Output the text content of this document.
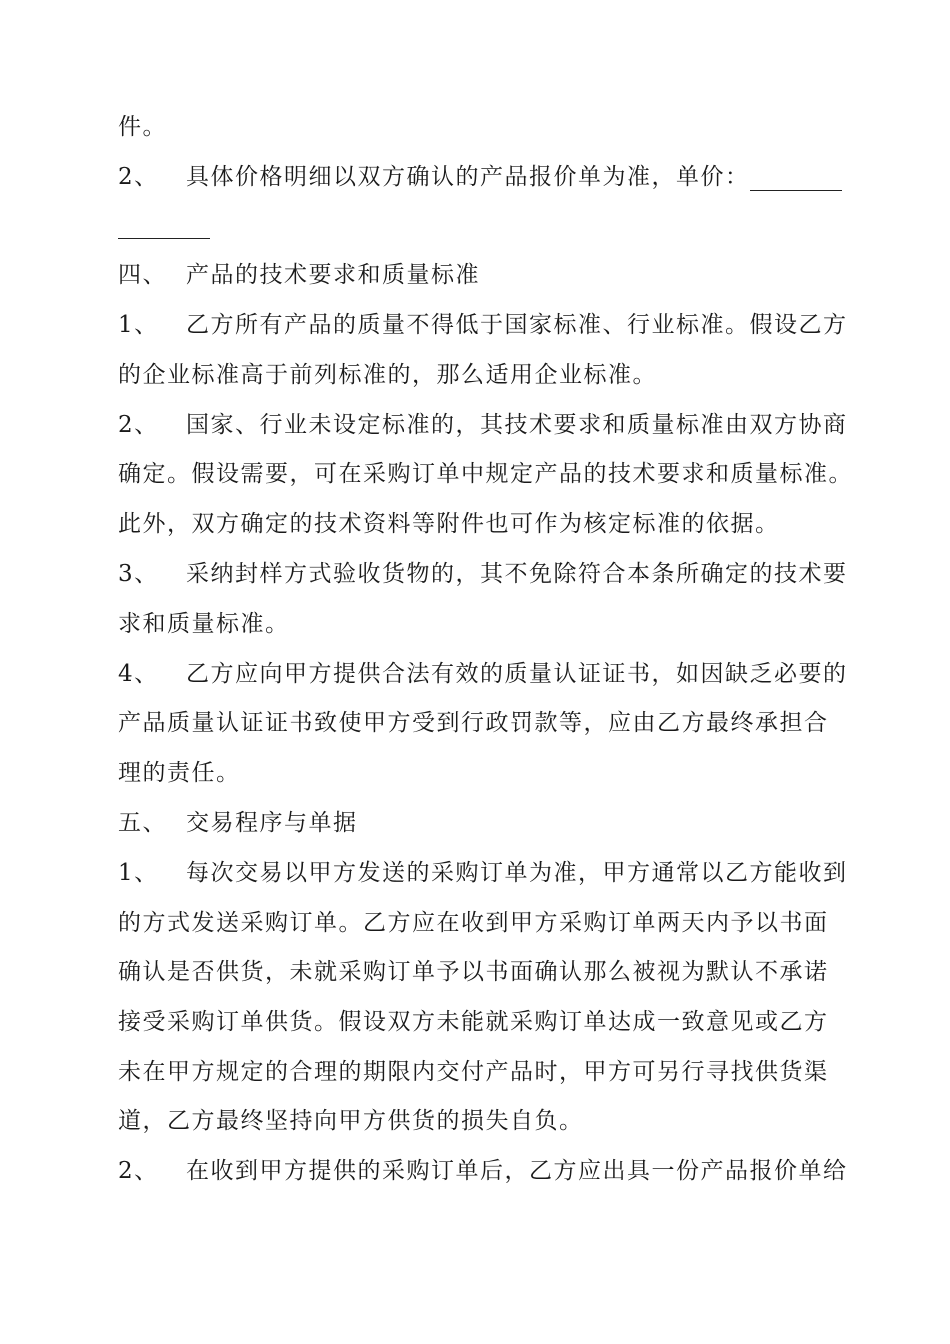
件。
2、 具体价格明细以双方确认的产品报价单为准，单价：
四、 产品的技术要求和质量标准
1、 乙方所有产品的质量不得低于国家标准、行业标准。假设乙方
的企业标准高于前列标准的，那么适用企业标准。
2、 国家、行业未设定标准的，其技术要求和质量标准由双方协商
确定。假设需要，可在采购订单中规定产品的技术要求和质量标准。
此外，双方确定的技术资料等附件也可作为核定标准的依据。
3、 采纳封样方式验收货物的，其不免除符合本条所确定的技术要
求和质量标准。
4、 乙方应向甲方提供合法有效的质量认证证书，如因缺乏必要的
产品质量认证证书致使甲方受到行政罚款等，应由乙方最终承担合
理的责任。
五、 交易程序与单据
1、 每次交易以甲方发送的采购订单为准，甲方通常以乙方能收到
的方式发送采购订单。乙方应在收到甲方采购订单两天内予以书面
确认是否供货，未就采购订单予以书面确认那么被视为默认不承诺
接受采购订单供货。假设双方未能就采购订单达成一致意见或乙方
未在甲方规定的合理的期限内交付产品时，甲方可另行寻找供货渠
道，乙方最终坚持向甲方供货的损失自负。
2、 在收到甲方提供的采购订单后，乙方应出具一份产品报价单给
